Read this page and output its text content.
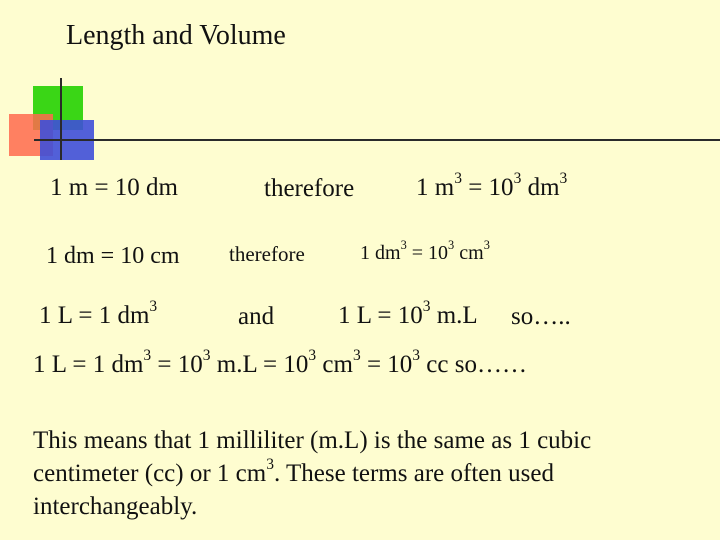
Length and Volume
1 m = 10 dm	therefore 1 $m^3 = 10^3$ $dm^3$
1 dm = 10 cm therefore	1 $dm^3 = 10^3$ $cm^3$
1 L = 1 $dm^3$	and	1 $L = 10^3$ m.L so…..
1 L = 1 $dm^3 = 10^3$ $m.L = 10^3$ $cm^3 = 10^3$ cc so……
This means that 1 milliliter (m.L) is the same as 1 cubic
centimeter (cc) or 1 $cm^3$. These terms are often used
interchangeably.
